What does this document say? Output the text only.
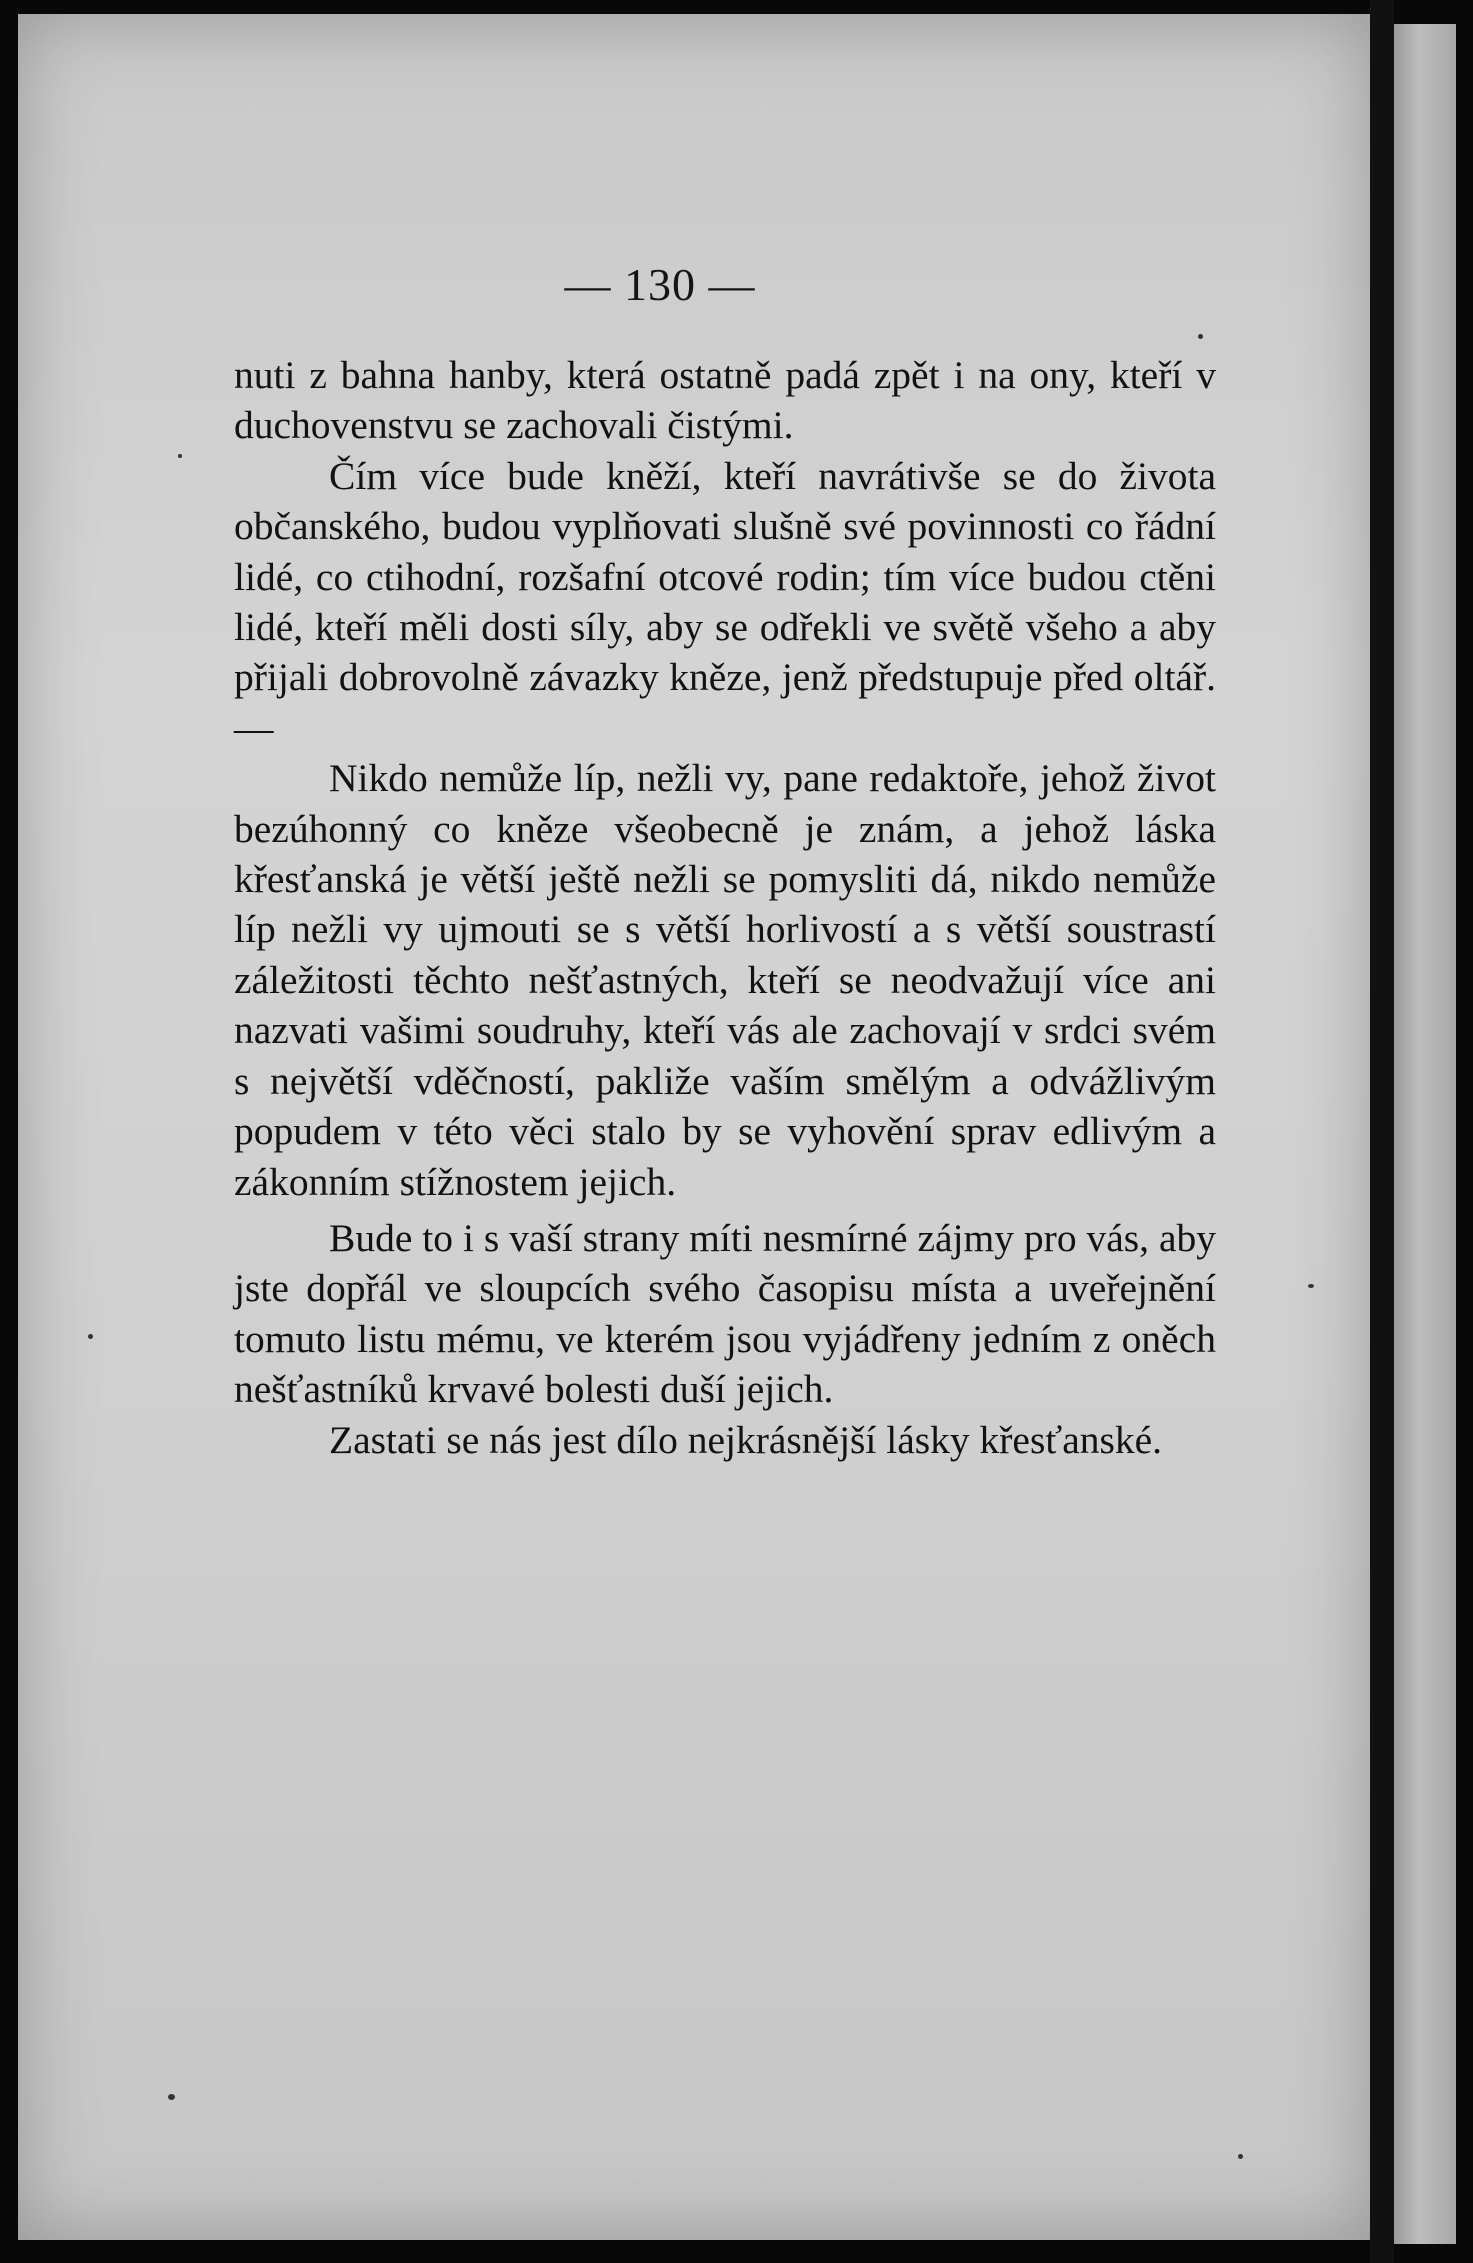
— 130 —

nuti z bahna hanby, která ostatně padá zpět i na ony, kteří v duchovenstvu se zachovali čistými.

Čím více bude kněží, kteří navrátivše se do života občanského, budou vyplňovati slušně své povinnosti co řádní lidé, co ctihodní, rozšafní otcové rodin; tím více budou ctěni lidé, kteří měli dosti síly, aby se odřekli ve světě všeho a aby přijali dobrovolně závazky kněze, jenž předstupuje před oltář. —

Nikdo nemůže líp, nežli vy, pane redaktoře, jehož život bezúhonný co kněze všeobecně je znám, a jehož láska křesťanská je větší ještě nežli se pomysliti dá, nikdo nemůže líp nežli vy ujmouti se s větší horlivostí a s větší soustrastí záležitosti těchto nešťastných, kteří se neodvažují více ani nazvati vašimi soudruhy, kteří vás ale zachovají v srdci svém s největší vděčností, pakliže vaším smělým a odvážlivým popudem v této věci stalo by se vyhovění sprav edlivým a zákonním stížnostem jejich.

Bude to i s vaší strany míti nesmírné zájmy pro vás, aby jste dopřál ve sloupcích svého časopisu místa a uveřejnění tomuto listu mému, ve kterém jsou vyjádřeny jedním z oněch nešťastníků krvavé bolesti duší jejich.

Zastati se nás jest dílo nejkrásnější lásky křesťanské.
